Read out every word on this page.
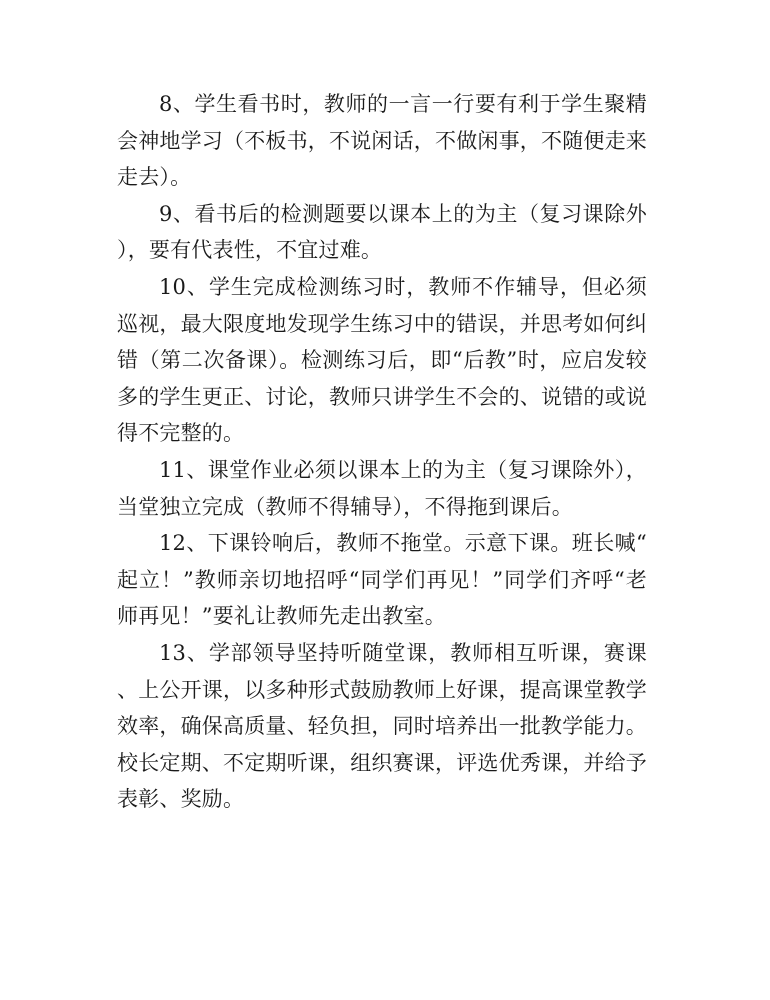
8、学生看书时，教师的一言一行要有利于学生聚精会神地学习（不板书，不说闲话，不做闲事，不随便走来走去）。

9、看书后的检测题要以课本上的为主（复习课除外），要有代表性，不宜过难。

10、学生完成检测练习时，教师不作辅导，但必须巡视，最大限度地发现学生练习中的错误，并思考如何纠错（第二次备课）。检测练习后，即“后教”时，应启发较多的学生更正、讨论，教师只讲学生不会的、说错的或说得不完整的。

11、课堂作业必须以课本上的为主（复习课除外），当堂独立完成（教师不得辅导），不得拖到课后。

12、下课铃响后，教师不拖堂。示意下课。班长喊“起立！”教师亲切地招呼“同学们再见！”同学们齐呼“老师再见！”要礼让教师先走出教室。

13、学部领导坚持听随堂课，教师相互听课，赛课、上公开课，以多种形式鼓励教师上好课，提高课堂教学效率，确保高质量、轻负担，同时培养出一批教学能力。校长定期、不定期听课，组织赛课，评选优秀课，并给予表彰、奖励。
